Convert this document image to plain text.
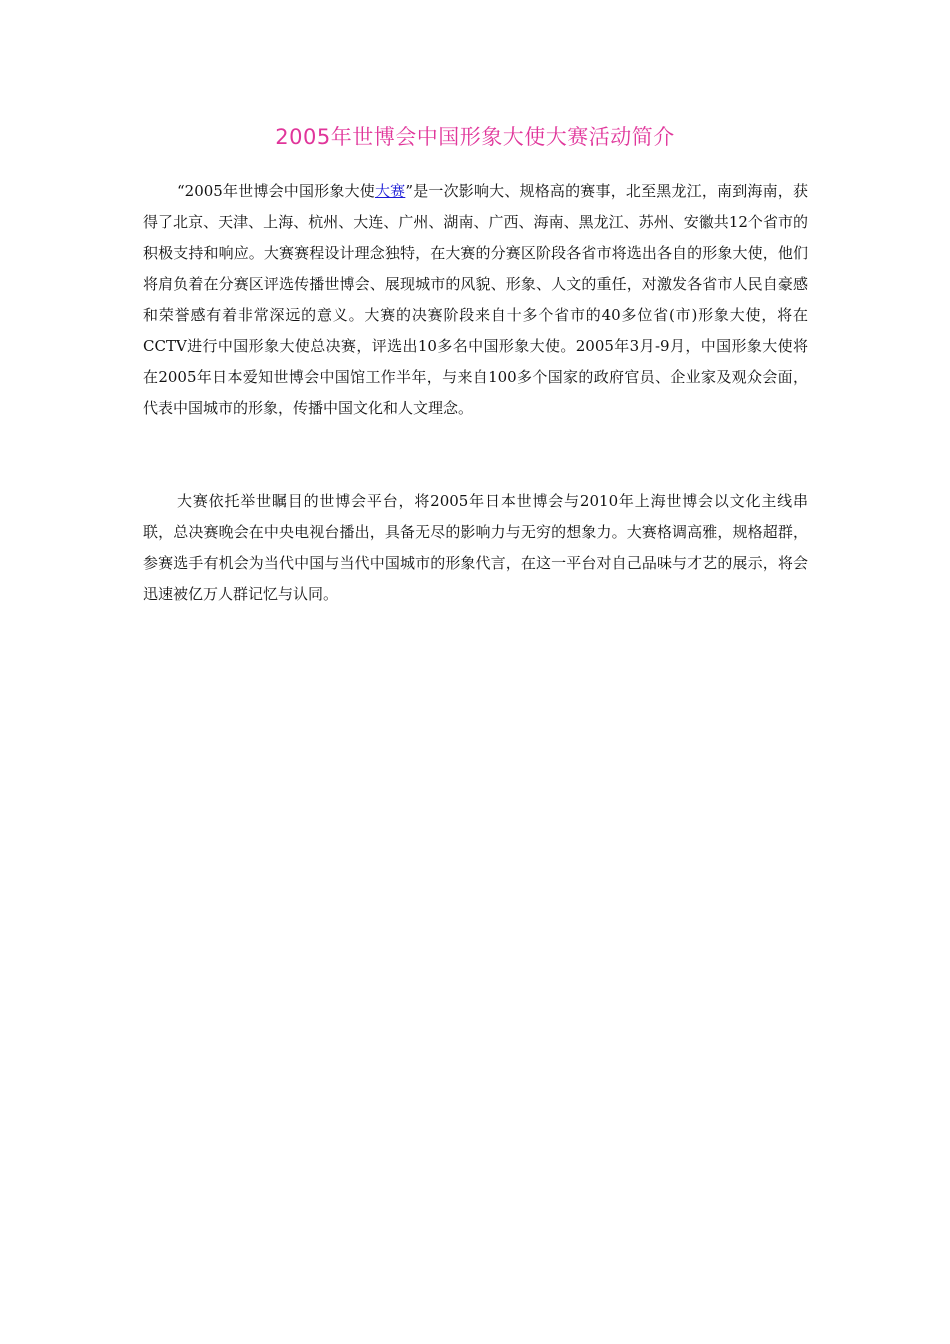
2005年世博会中国形象大使大赛活动简介

“2005年世博会中国形象大使大赛”是一次影响大、规格高的赛事，北至黑龙江，南到海南，获得了北京、天津、上海、杭州、大连、广州、湖南、广西、海南、黑龙江、苏州、安徽共12个省市的积极支持和响应。大赛赛程设计理念独特，在大赛的分赛区阶段各省市将选出各自的形象大使，他们将肩负着在分赛区评选传播世博会、展现城市的风貌、形象、人文的重任，对激发各省市人民自豪感和荣誉感有着非常深远的意义。大赛的决赛阶段来自十多个省市的40多位省(市)形象大使，将在CCTV进行中国形象大使总决赛，评选出10多名中国形象大使。2005年3月-9月，中国形象大使将在2005年日本爱知世博会中国馆工作半年，与来自100多个国家的政府官员、企业家及观众会面，代表中国城市的形象，传播中国文化和人文理念。

大赛依托举世瞩目的世博会平台，将2005年日本世博会与2010年上海世博会以文化主线串联，总决赛晚会在中央电视台播出，具备无尽的影响力与无穷的想象力。大赛格调高雅，规格超群，参赛选手有机会为当代中国与当代中国城市的形象代言，在这一平台对自己品味与才艺的展示，将会迅速被亿万人群记忆与认同。
